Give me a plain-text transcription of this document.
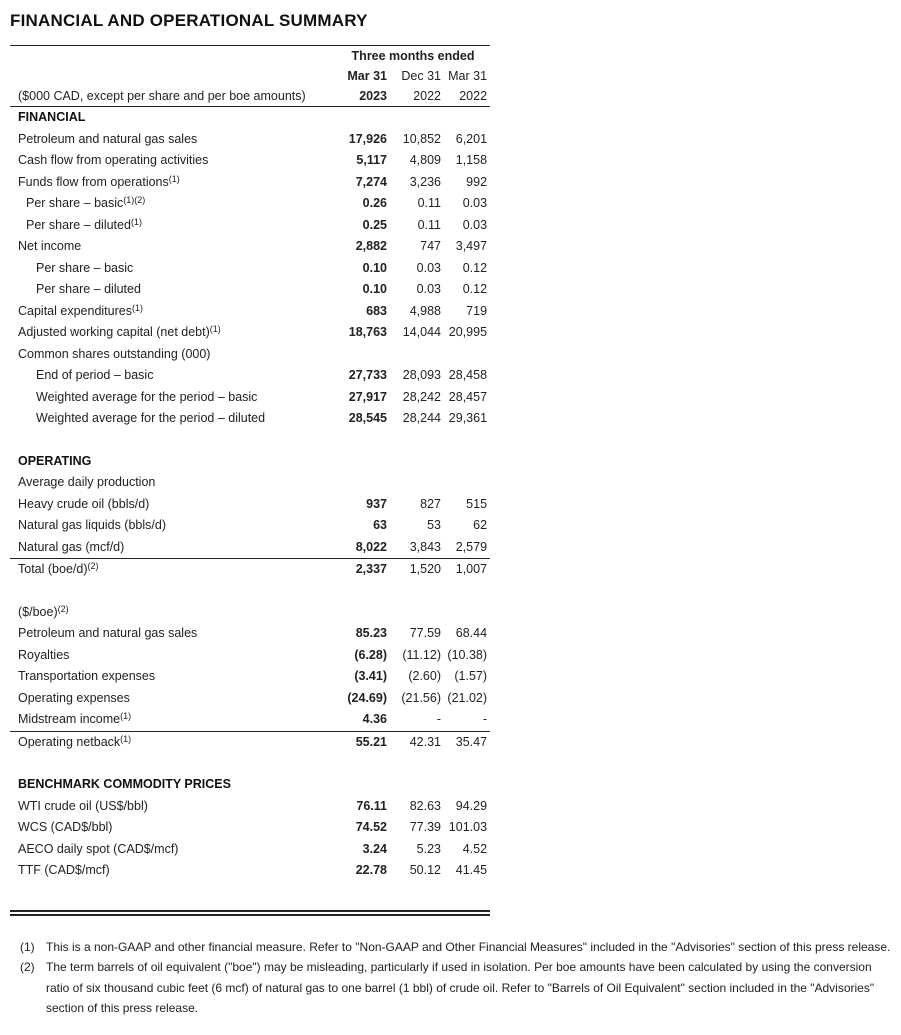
FINANCIAL AND OPERATIONAL SUMMARY
	Three months ended		
	Mar 31	Dec 31	Mar 31
($000 CAD, except per share and per boe amounts)	2023	2022	2022
FINANCIAL			
Petroleum and natural gas sales	17,926	10,852	6,201
Cash flow from operating activities	5,117	4,809	1,158
Funds flow from operations$^{(1)}$	7,274	3,236	992
Per share – basic$^{(1)(2)}$	0.26	0.11	0.03
Per share – diluted$^{(1)}$	0.25	0.11	0.03
Net income	2,882	747	3,497
Per share – basic	0.10	0.03	0.12
Per share – diluted	0.10	0.03	0.12
Capital expenditures$^{(1)}$	683	4,988	719
Adjusted working capital (net debt)$^{(1)}$	18,763	14,044	20,995
Common shares outstanding (000)			
End of period – basic	27,733	28,093	28,458
Weighted average for the period – basic	27,917	28,242	28,457
Weighted average for the period – diluted	28,545	28,244	29,361

OPERATING			
Average daily production			
Heavy crude oil (bbls/d)	937	827	515
Natural gas liquids (bbls/d)	63	53	62
Natural gas (mcf/d)	8,022	3,843	2,579
Total $(boe/d)^{(2)}$	2,337	1,520	1,007

($/boe)$^{(2)}$			
Petroleum and natural gas sales	85.23	77.59	68.44
Royalties	(6.28)	(11.12)	(10.38)
Transportation expenses	(3.41)	(2.60)	(1.57)
Operating expenses	(24.69)	(21.56)	(21.02)
Midstream income$^{(1)}$	4.36	-	-
Operating netback$^{(1)}$	55.21	42.31	35.47

BENCHMARK COMMODITY PRICES			
WTI crude oil (US$/bbl)	76.11	82.63	94.29
WCS (CAD$/bbl)	74.52	77.39	101.03
AECO daily spot (CAD$/mcf)	3.24	5.23	4.52
TTF (CAD$/mcf)	22.78	50.12	41.45
(1) This is a non-GAAP and other financial measure. Refer to "Non-GAAP and Other Financial Measures" included in the "Advisories" section of this press release.
(2) The term barrels of oil equivalent ("boe") may be misleading, particularly if used in isolation. Per boe amounts have been calculated by using the conversion ratio of six thousand cubic feet (6 mcf) of natural gas to one barrel (1 bbl) of crude oil. Refer to "Barrels of Oil Equivalent" section included in the "Advisories" section of this press release.
